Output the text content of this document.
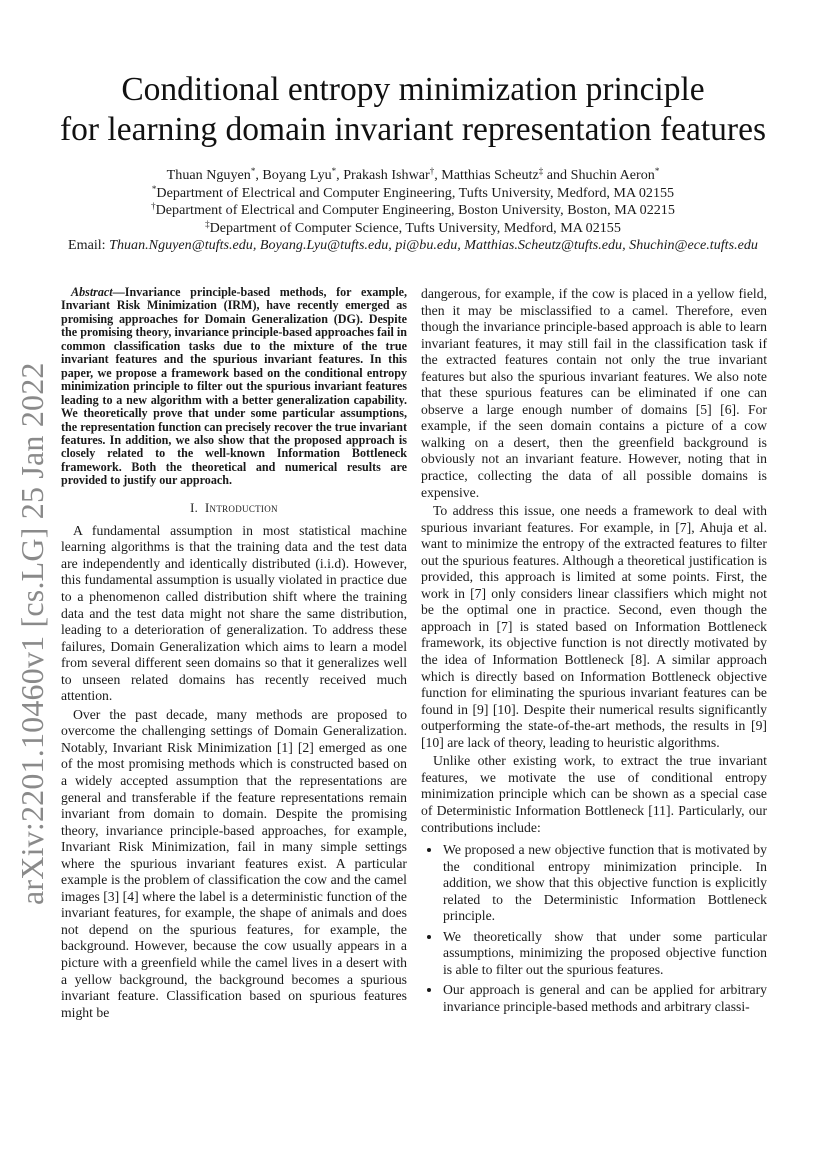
Conditional entropy minimization principle
for learning domain invariant representation features
Thuan Nguyen*, Boyang Lyu*, Prakash Ishwar†, Matthias Scheutz‡ and Shuchin Aeron*
*Department of Electrical and Computer Engineering, Tufts University, Medford, MA 02155
†Department of Electrical and Computer Engineering, Boston University, Boston, MA 02215
‡Department of Computer Science, Tufts University, Medford, MA 02155
Email: Thuan.Nguyen@tufts.edu, Boyang.Lyu@tufts.edu, pi@bu.edu, Matthias.Scheutz@tufts.edu, Shuchin@ece.tufts.edu
arXiv:2201.10460v1 [cs.LG] 25 Jan 2022
Abstract—Invariance principle-based methods, for example, Invariant Risk Minimization (IRM), have recently emerged as promising approaches for Domain Generalization (DG). Despite the promising theory, invariance principle-based approaches fail in common classification tasks due to the mixture of the true invariant features and the spurious invariant features. In this paper, we propose a framework based on the conditional entropy minimization principle to filter out the spurious invariant features leading to a new algorithm with a better generalization capability. We theoretically prove that under some particular assumptions, the representation function can precisely recover the true invariant features. In addition, we also show that the proposed approach is closely related to the well-known Information Bottleneck framework. Both the theoretical and numerical results are provided to justify our approach.
I. Introduction

A fundamental assumption in most statistical machine learning algorithms is that the training data and the test data are independently and identically distributed (i.i.d). However, this fundamental assumption is usually violated in practice due to a phenomenon called distribution shift where the training data and the test data might not share the same distribution, leading to a deterioration of generalization. To address these failures, Domain Generalization which aims to learn a model from several different seen domains so that it generalizes well to unseen related domains has recently received much attention.

Over the past decade, many methods are proposed to overcome the challenging settings of Domain Generalization. Notably, Invariant Risk Minimization [1] [2] emerged as one of the most promising methods which is constructed based on a widely accepted assumption that the representations are general and transferable if the feature representations remain invariant from domain to domain. Despite the promising theory, invariance principle-based approaches, for example, Invariant Risk Minimization, fail in many simple settings where the spurious invariant features exist. A particular example is the problem of classification the cow and the camel images [3] [4] where the label is a deterministic function of the invariant features, for example, the shape of animals and does not depend on the spurious features, for example, the background. However, because the cow usually appears in a picture with a greenfield while the camel lives in a desert with a yellow background, the background becomes a spurious invariant feature. Classification based on spurious features might be

dangerous, for example, if the cow is placed in a yellow field, then it may be misclassified to a camel. Therefore, even though the invariance principle-based approach is able to learn invariant features, it may still fail in the classification task if the extracted features contain not only the true invariant features but also the spurious invariant features. We also note that these spurious features can be eliminated if one can observe a large enough number of domains [5] [6]. For example, if the seen domain contains a picture of a cow walking on a desert, then the greenfield background is obviously not an invariant feature. However, noting that in practice, collecting the data of all possible domains is expensive.

To address this issue, one needs a framework to deal with spurious invariant features. For example, in [7], Ahuja et al. want to minimize the entropy of the extracted features to filter out the spurious features. Although a theoretical justification is provided, this approach is limited at some points. First, the work in [7] only considers linear classifiers which might not be the optimal one in practice. Second, even though the approach in [7] is stated based on Information Bottleneck framework, its objective function is not directly motivated by the idea of Information Bottleneck [8]. A similar approach which is directly based on Information Bottleneck objective function for eliminating the spurious invariant features can be found in [9] [10]. Despite their numerical results significantly outperforming the state-of-the-art methods, the results in [9] [10] are lack of theory, leading to heuristic algorithms.

Unlike other existing work, to extract the true invariant features, we motivate the use of conditional entropy minimization principle which can be shown as a special case of Deterministic Information Bottleneck [11]. Particularly, our contributions include:

• We proposed a new objective function that is motivated by the conditional entropy minimization principle. In addition, we show that this objective function is explicitly related to the Deterministic Information Bottleneck principle.
• We theoretically show that under some particular assumptions, minimizing the proposed objective function is able to filter out the spurious features.
• Our approach is general and can be applied for arbitrary invariance principle-based methods and arbitrary classi-
